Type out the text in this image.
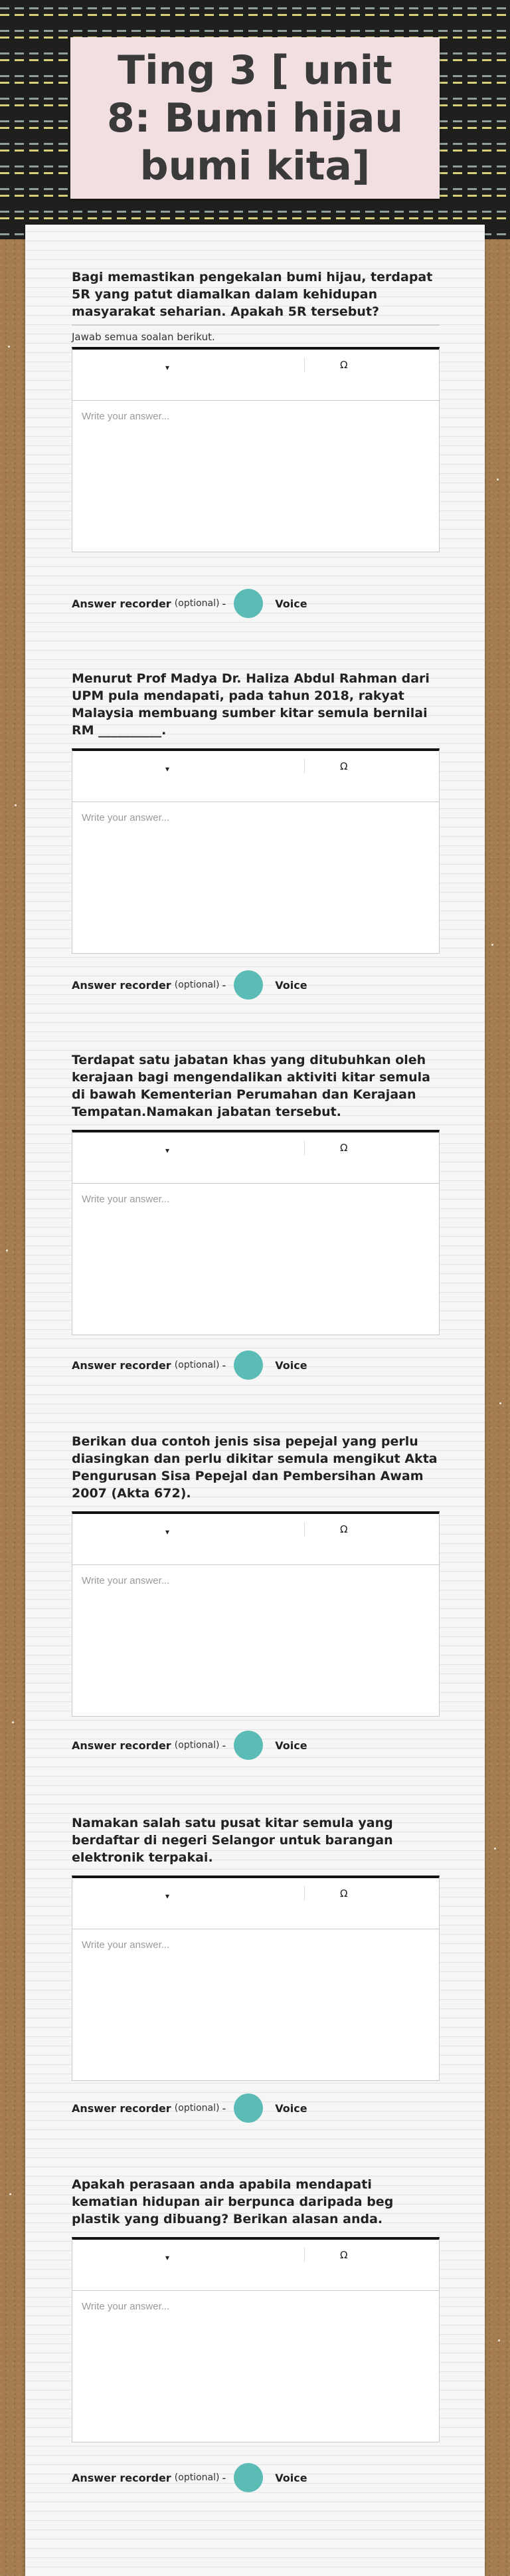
Ting 3 [ unit 8: Bumi hijau bumi kita]

Bagi memastikan pengekalan bumi hijau, terdapat 5R yang patut diamalkan dalam kehidupan masyarakat seharian. Apakah 5R tersebut?

Jawab semua soalan berikut.
▾	Ω
Write your answer...
Answer recorder
(optional) -	Voice

Menurut Prof Madya Dr. Haliza Abdul Rahman dari UPM pula mendapati, pada tahun 2018, rakyat Malaysia membuang sumber kitar semula bernilai RM __________.

▾	Ω
Write your answer...
Answer recorder
(optional) -	Voice

Terdapat satu jabatan khas yang ditubuhkan oleh kerajaan bagi mengendalikan aktiviti kitar semula di bawah Kementerian Perumahan dan Kerajaan Tempatan.Namakan jabatan tersebut.

▾	Ω
Write your answer...
Answer recorder
(optional) -	Voice

Berikan dua contoh jenis sisa pepejal yang perlu diasingkan dan perlu dikitar semula mengikut Akta Pengurusan Sisa Pepejal dan Pembersihan Awam 2007 (Akta 672).

▾	Ω
Write your answer...
Answer recorder
(optional) -	Voice

Namakan salah satu pusat kitar semula yang berdaftar di negeri Selangor untuk barangan elektronik terpakai.

▾	Ω
Write your answer...
Answer recorder
(optional) -	Voice

Apakah perasaan anda apabila mendapati kematian hidupan air berpunca daripada beg plastik yang dibuang? Berikan alasan anda.

▾	Ω
Write your answer...
Answer recorder
(optional) -	Voice
